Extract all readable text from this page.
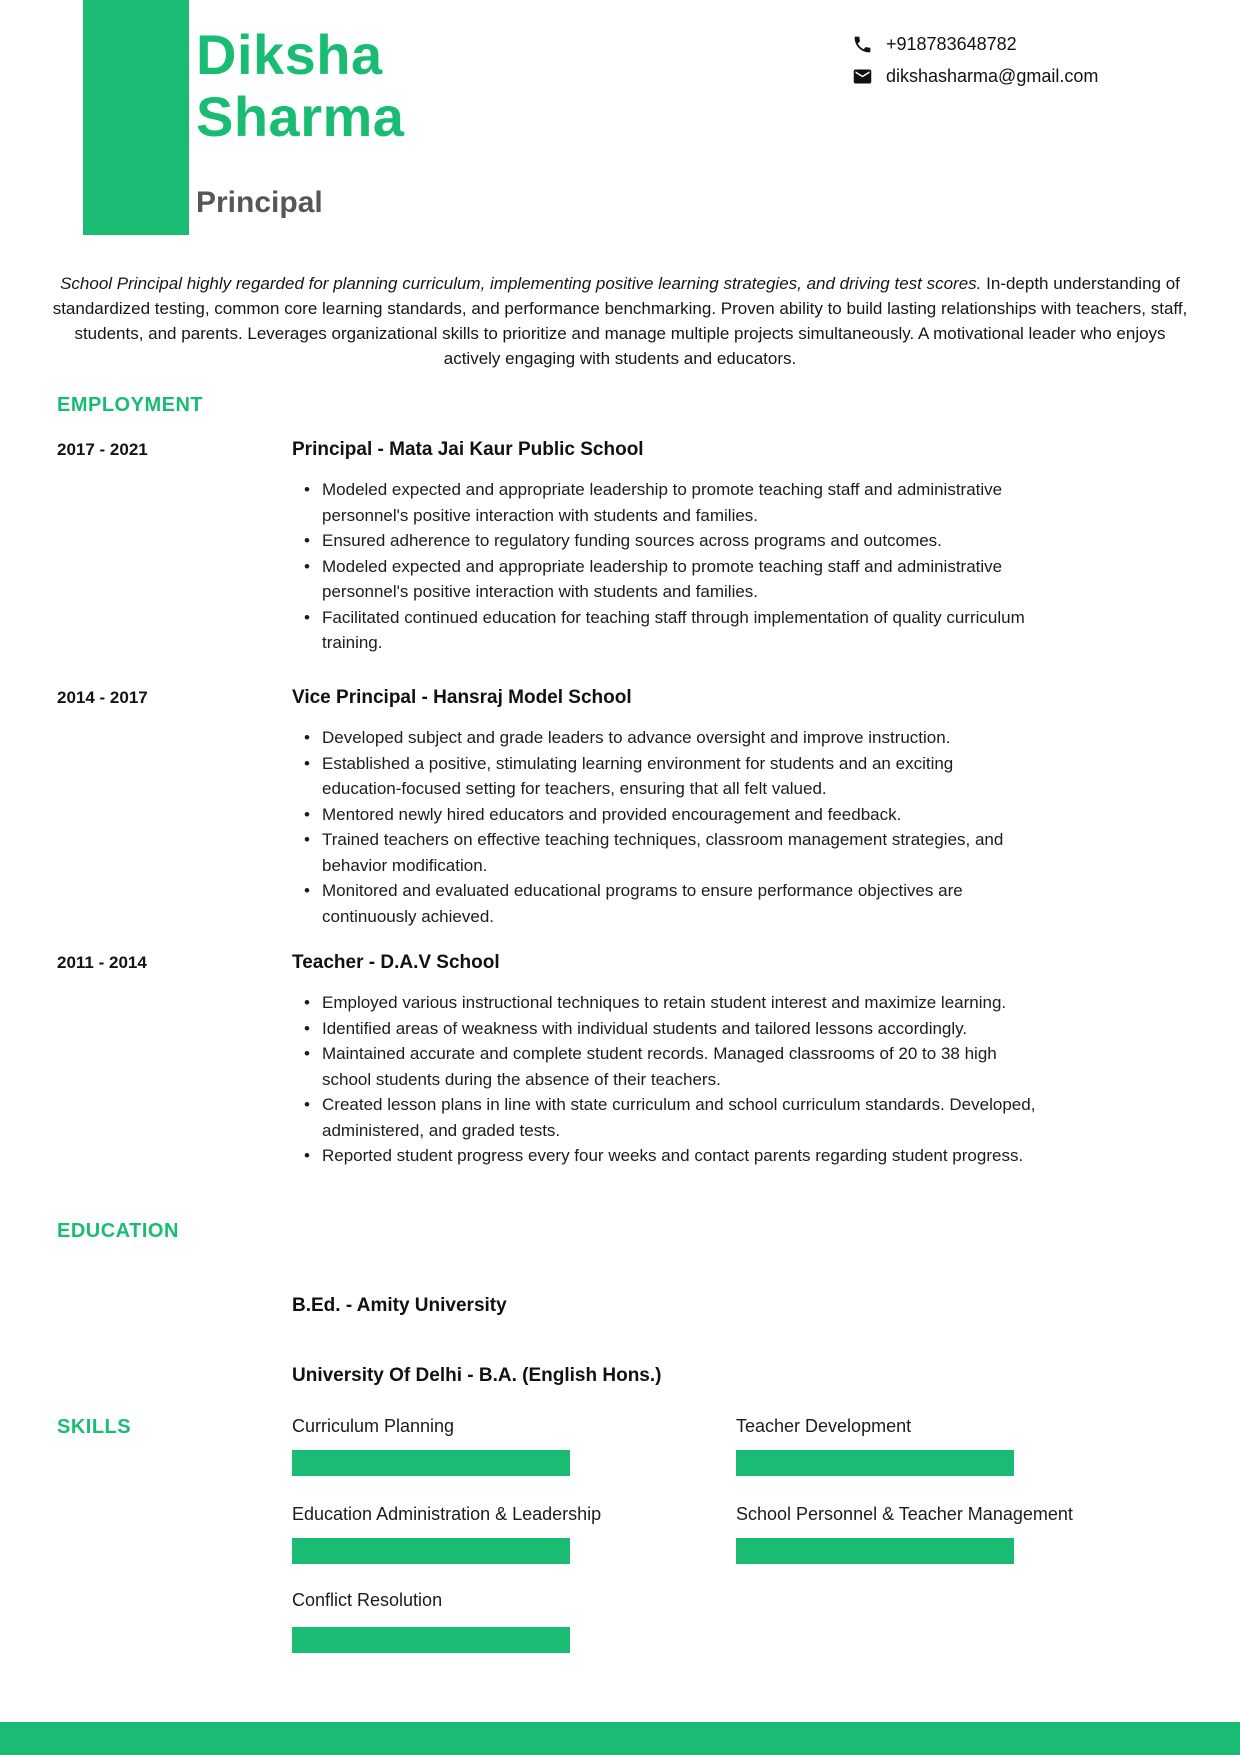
Diksha
Sharma
Principal
+918783648782
dikshasharma@gmail.com

School Principal highly regarded for planning curriculum, implementing positive learning strategies, and driving test scores. In-depth understanding of standardized testing, common core learning standards, and performance benchmarking. Proven ability to build lasting relationships with teachers, staff, students, and parents. Leverages organizational skills to prioritize and manage multiple projects simultaneously. A motivational leader who enjoys actively engaging with students and educators.

EMPLOYMENT
2017 - 2021	Principal - Mata Jai Kaur Public School
• Modeled expected and appropriate leadership to promote teaching staff and administrative personnel's positive interaction with students and families.
• Ensured adherence to regulatory funding sources across programs and outcomes.
• Modeled expected and appropriate leadership to promote teaching staff and administrative personnel's positive interaction with students and families.
• Facilitated continued education for teaching staff through implementation of quality curriculum training.
2014 - 2017	Vice Principal - Hansraj Model School
• Developed subject and grade leaders to advance oversight and improve instruction.
• Established a positive, stimulating learning environment for students and an exciting education-focused setting for teachers, ensuring that all felt valued.
• Mentored newly hired educators and provided encouragement and feedback.
• Trained teachers on effective teaching techniques, classroom management strategies, and behavior modification.
• Monitored and evaluated educational programs to ensure performance objectives are continuously achieved.
2011 - 2014	Teacher - D.A.V School
• Employed various instructional techniques to retain student interest and maximize learning.
• Identified areas of weakness with individual students and tailored lessons accordingly.
• Maintained accurate and complete student records. Managed classrooms of 20 to 38 high school students during the absence of their teachers.
• Created lesson plans in line with state curriculum and school curriculum standards. Developed, administered, and graded tests.
• Reported student progress every four weeks and contact parents regarding student progress.
EDUCATION
B.Ed. - Amity University
University Of Delhi - B.A. (English Hons.)
SKILLS	Curriculum Planning	Teacher Development
Education Administration & Leadership	School Personnel & Teacher Management
Conflict Resolution
